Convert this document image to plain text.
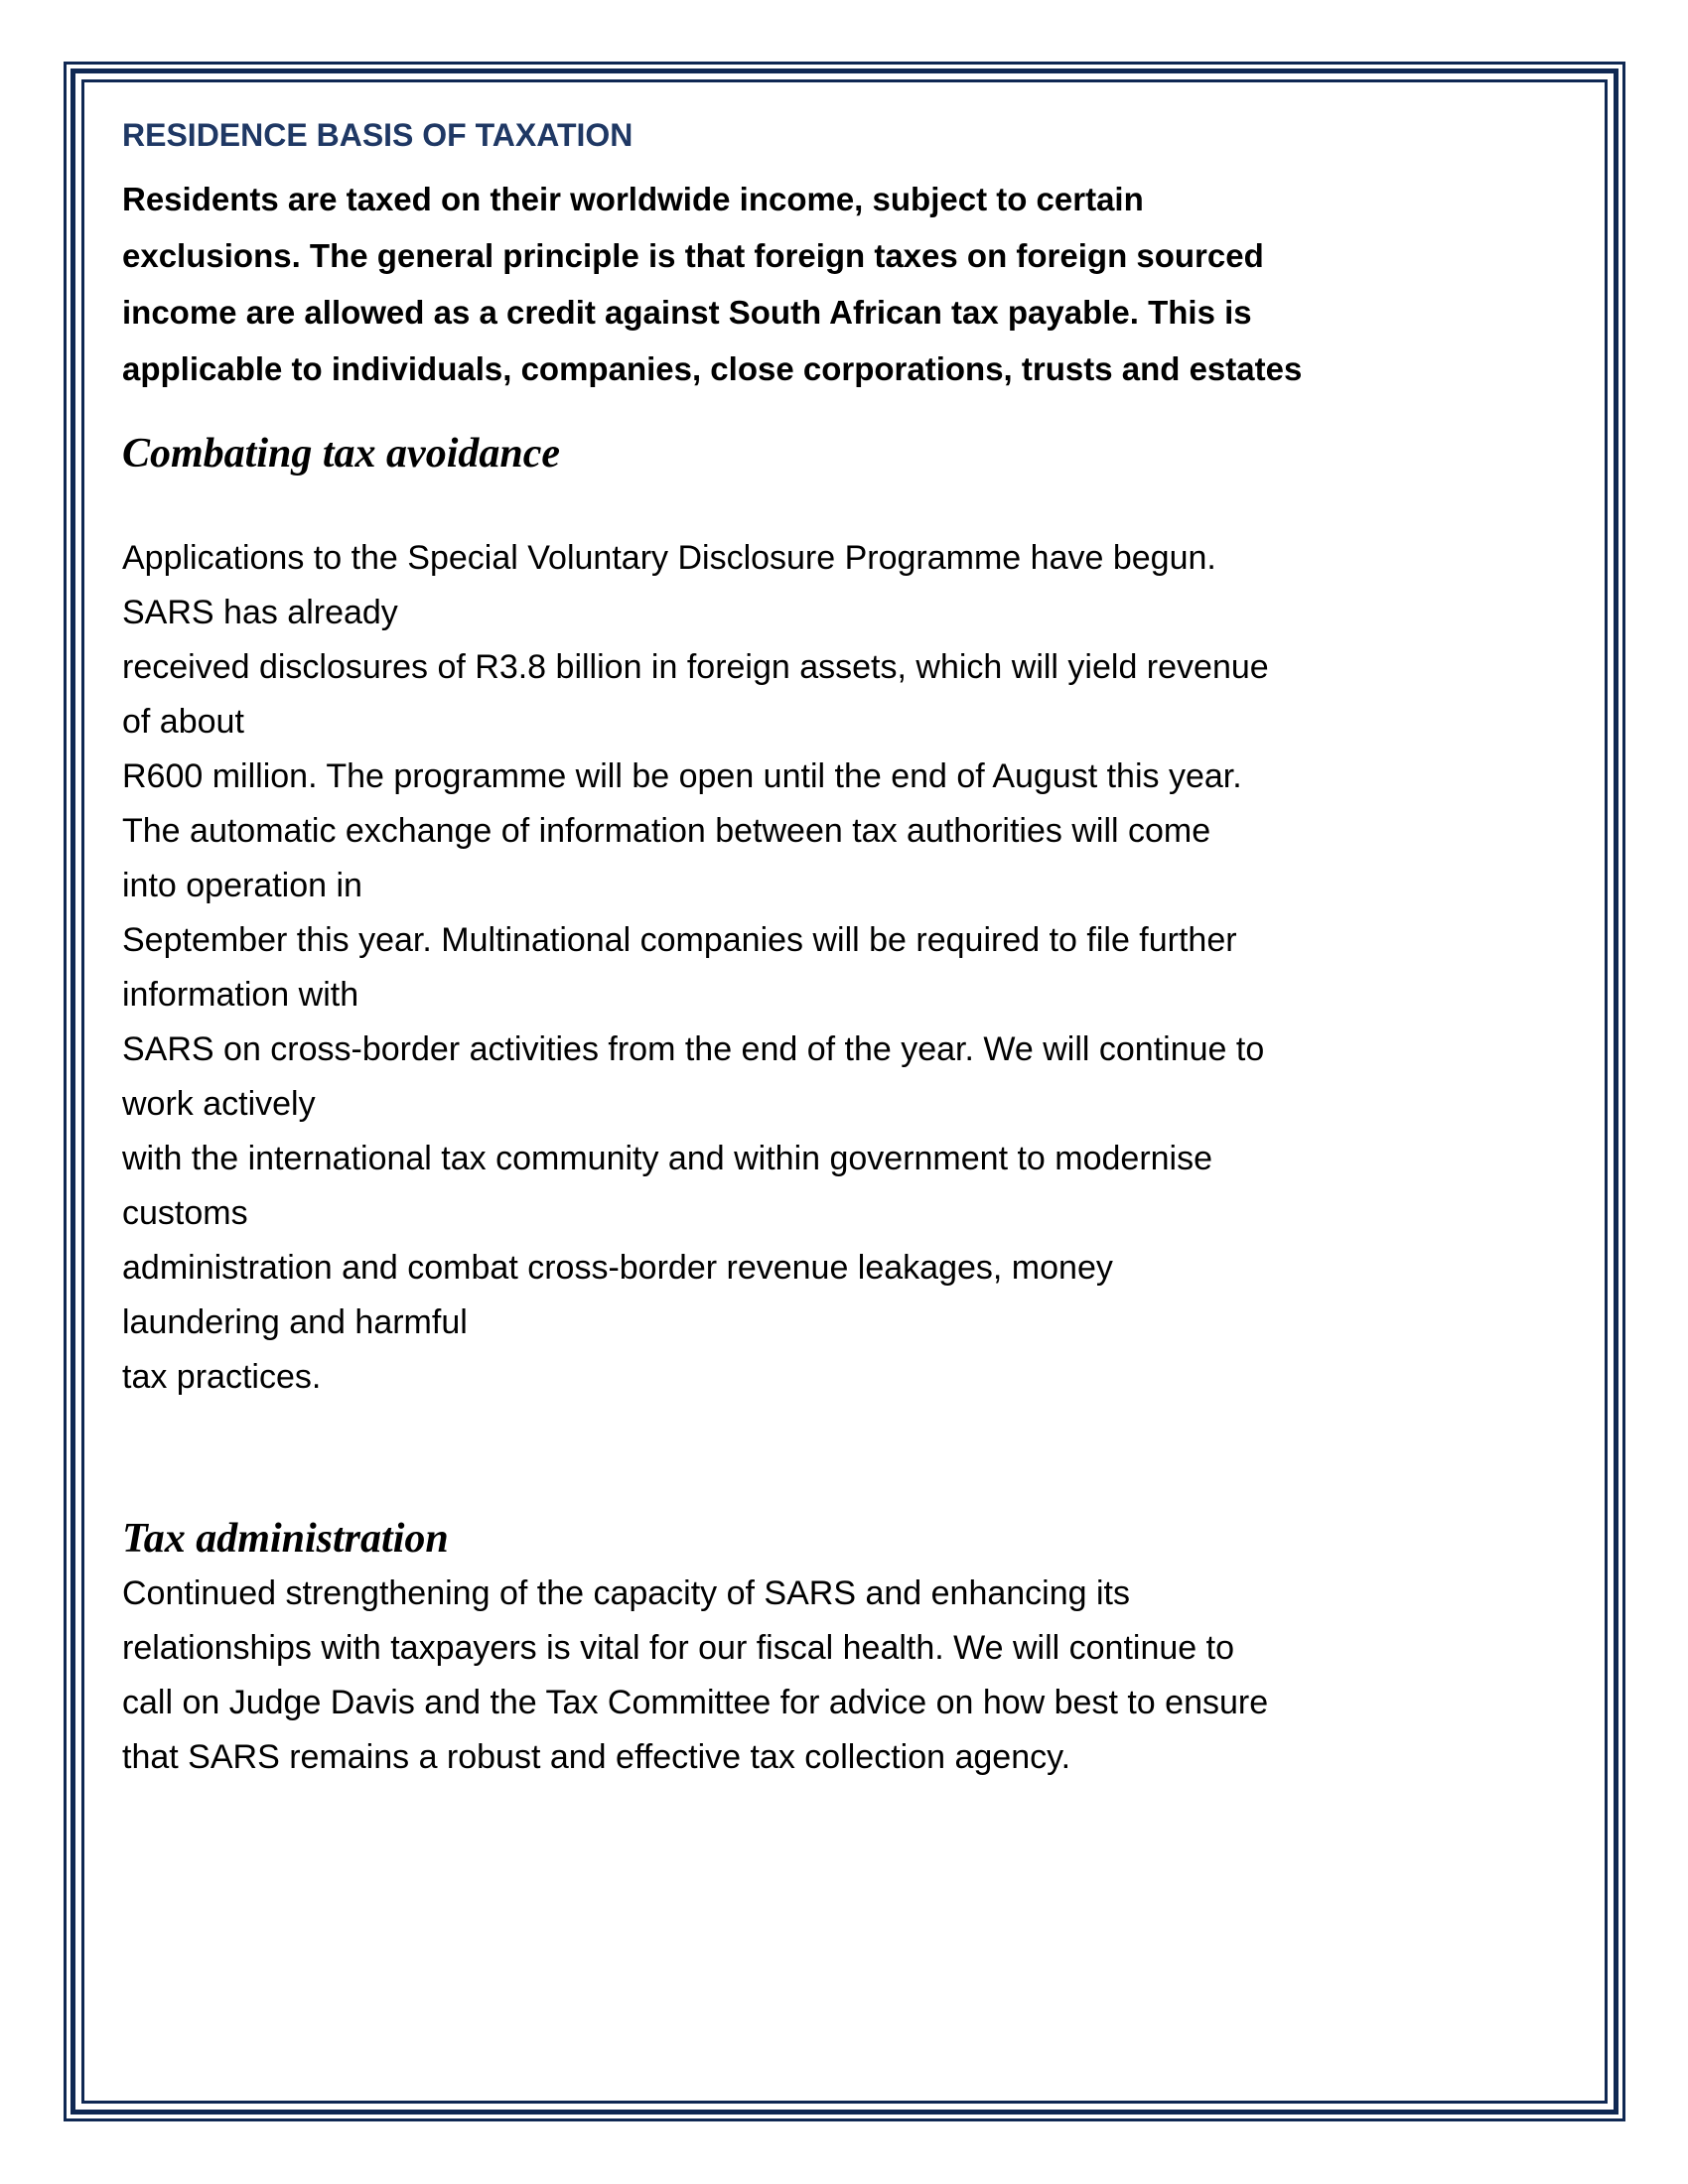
RESIDENCE BASIS OF TAXATION
Residents are taxed on their worldwide income, subject to certain
exclusions. The general principle is that foreign taxes on foreign sourced
income are allowed as a credit against South African tax payable. This is
applicable to individuals, companies, close corporations, trusts and estates
Combating tax avoidance
Applications to the Special Voluntary Disclosure Programme have begun.
SARS has already
received disclosures of R3.8 billion in foreign assets, which will yield revenue
of about
R600 million. The programme will be open until the end of August this year.
The automatic exchange of information between tax authorities will come
into operation in
September this year. Multinational companies will be required to file further
information with
SARS on cross-border activities from the end of the year. We will continue to
work actively
with the international tax community and within government to modernise
customs
administration and combat cross-border revenue leakages, money
laundering and harmful
tax practices.
Tax administration
Continued strengthening of the capacity of SARS and enhancing its
relationships with taxpayers is vital for our fiscal health. We will continue to
call on Judge Davis and the Tax Committee for advice on how best to ensure
that SARS remains a robust and effective tax collection agency.
